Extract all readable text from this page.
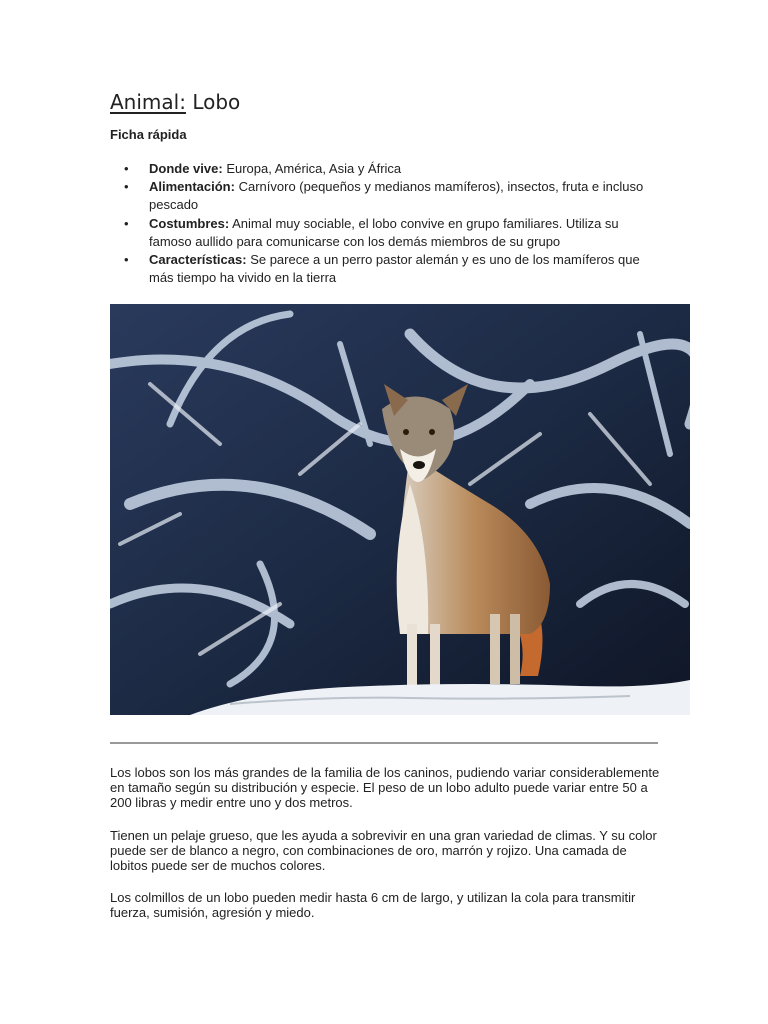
Animal: Lobo
Ficha rápida
• Donde vive: Europa, América, Asia y África
• Alimentación: Carnívoro (pequeños y medianos mamíferos), insectos, fruta e incluso pescado
• Costumbres: Animal muy sociable, el lobo convive en grupo familiares. Utiliza su famoso aullido para comunicarse con los demás miembros de su grupo
• Características: Se parece a un perro pastor alemán y es uno de los mamíferos que más tiempo ha vivido en la tierra

Los lobos son los más grandes de la familia de los caninos, pudiendo variar considerablemente en tamaño según su distribución y especie. El peso de un lobo adulto puede variar entre 50 a 200 libras y medir entre uno y dos metros.

Tienen un pelaje grueso, que les ayuda a sobrevivir en una gran variedad de climas. Y su color puede ser de blanco a negro, con combinaciones de oro, marrón y rojizo. Una camada de lobitos puede ser de muchos colores.

Los colmillos de un lobo pueden medir hasta 6 cm de largo, y utilizan la cola para transmitir fuerza, sumisión, agresión y miedo.
